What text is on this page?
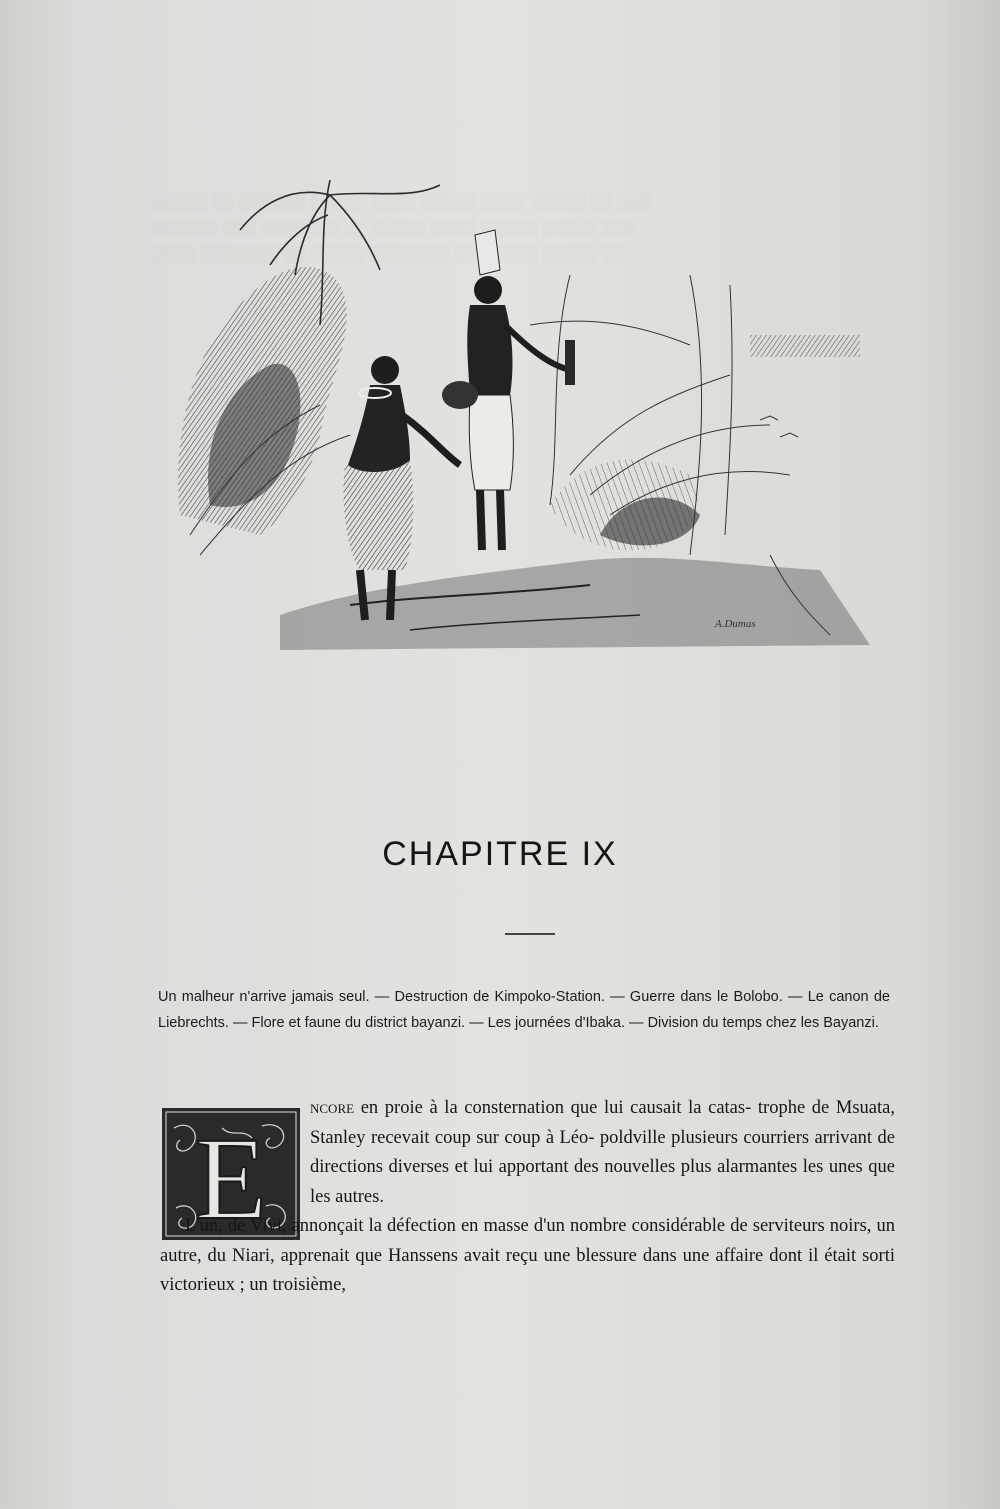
░░░░░ ░░ ░░░░░░ ░░░░░ ░░░░ ░░░░░ ░░░░ ░░░░░ ░░ ░░░
░░░░░░ ░░░ ░░░░░░░ ░░ ░░░░░ ░░░░ ░░░░░ ░░░░░ ░░░
░░░░ ░░░░░░░ ░░ ░░░░░ ░░░░░░░ ░░░ ░░░░ ░░░░░ ░░
A.Dumas
CHAPITRE IX
Un malheur n'arrive jamais seul. — Destruction de Kimpoko-Station. — Guerre dans le Bolobo. — Le canon de Liebrechts. — Flore et faune du district bayanzi. — Les journées d'Ibaka. — Division du temps chez les Bayanzi.
E

ncore en proie à la consternation que lui causait la catas- trophe de Msuata, Stanley recevait coup sur coup à Léo- poldville plusieurs courriers arrivant de directions diverses et lui apportant des nouvelles plus alarmantes les unes que les autres.

L'un, de Vivi, annonçait la défection en masse d'un nombre considérable de serviteurs noirs, un autre, du Niari, apprenait que Hanssens avait reçu une blessure dans une affaire dont il était sorti victorieux ; un troisième,
